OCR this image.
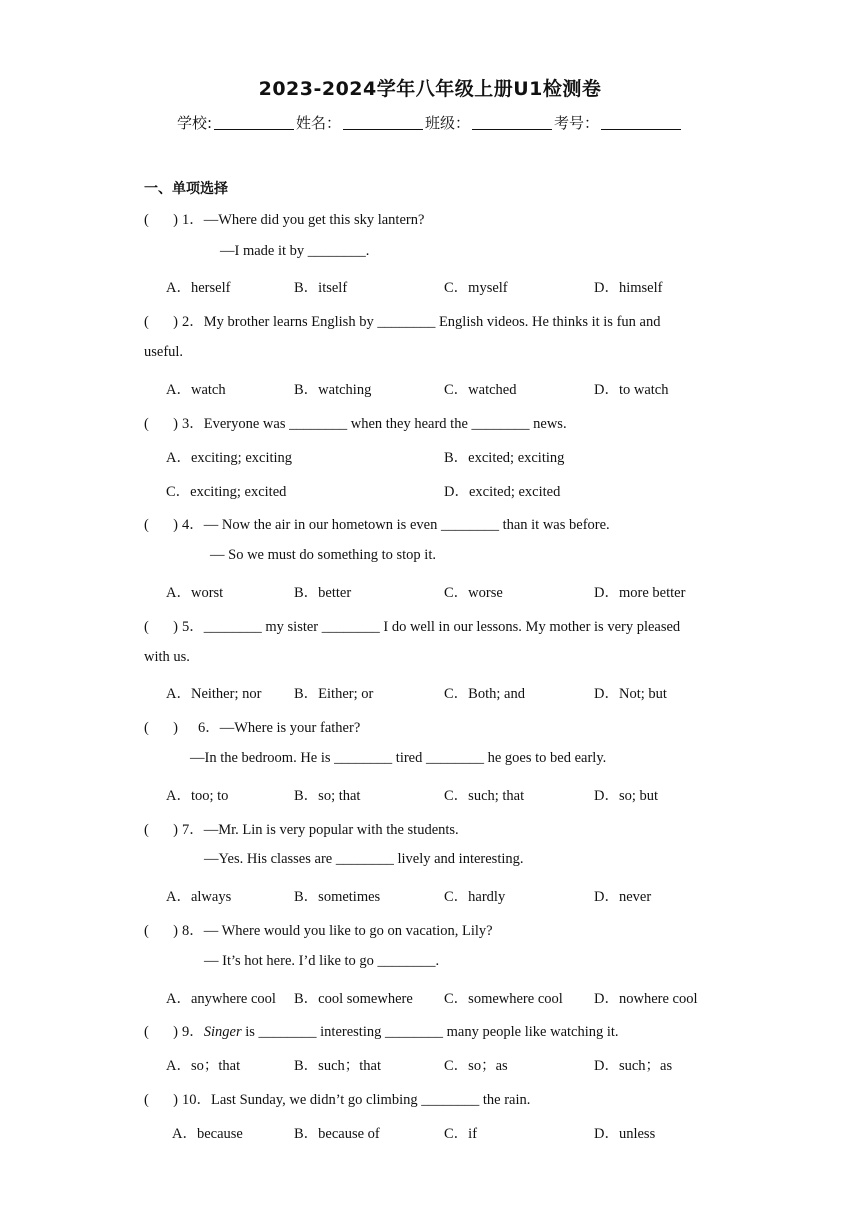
2023-2024学年八年级上册U1检测卷
学校:	姓名：	班级：	考号：
一、单项选择
( )1．—Where did you get this sky lantern?
—I made it by ________.
A．herself	B．itself	C．myself	D．himself
( )2．My brother learns English by ________ English videos. He thinks it is fun and
useful.
A．watch	B．watching	C．watched	D．to watch
( )3．Everyone was ________ when they heard the ________ news.
A．exciting; exciting	B．excited; exciting
C．exciting; excited	D．excited; excited
( )4．— Now the air in our hometown is even ________ than it was before.
— So we must do something to stop it.
A．worst	B．better	C．worse	D．more better
( )5．________ my sister ________ I do well in our lessons. My mother is very pleased
with us.
A．Neither; nor B．Either; or	C．Both; and	D．Not; but
( )6．—Where is your father?
—In the bedroom. He is ________ tired ________ he goes to bed early.
A．too; to	B．so; that	C．such; that	D．so; but
( )7．—Mr. Lin is very popular with the students.
—Yes. His classes are ________ lively and interesting.
A．always	B．sometimes	C．hardly	D．never
( )8．— Where would you like to go on vacation, Lily?
— It’s hot here. I’d like to go ________.
A．anywhere cool B．cool somewhere C．somewhere cool D．nowhere cool
( )9．Singer is ________ interesting ________ many people like watching it.
A．so；that	B．such；that	C．so；as	D．such；as
( )10．Last Sunday, we didn’t go climbing ________ the rain.
A．because	B．because of	C．if	D．unless
